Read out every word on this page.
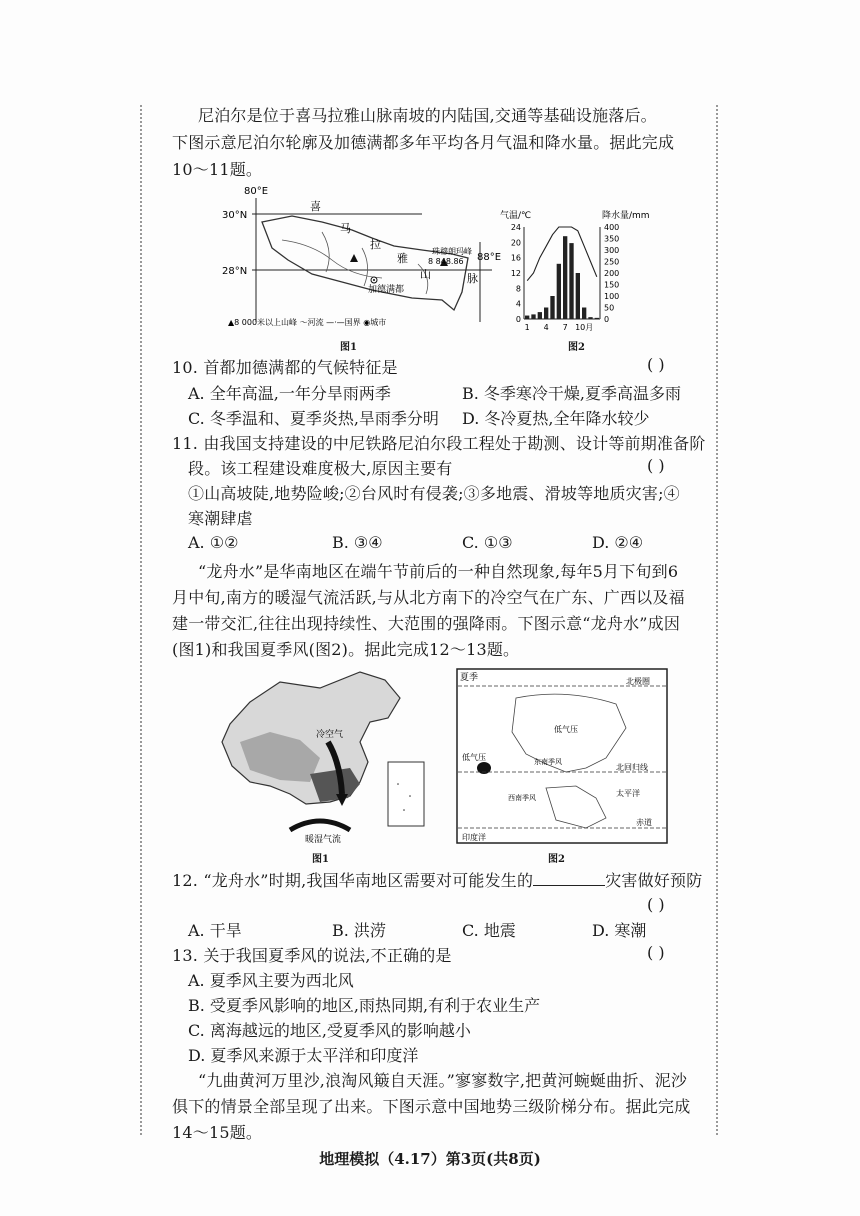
尼泊尔是位于喜马拉雅山脉南坡的内陆国,交通等基础设施落后。
下图示意尼泊尔轮廓及加德满都多年平均各月气温和降水量。据此完成
10～11题。
80°E
30°N
28°N
88°E
喜
马
拉
雅
山	脉
珠穆朗玛峰
8 848.86
加德满都
▲8 000米以上山峰 〜河流 —·—国界 ◉城市
图1
气温/℃	降水量/mm
24
20
16
12
8
4
0
400
350
300
250
200
150
100
50
0
1 4 7 10月
图2
10. 首都加德满都的气候特征是	( )
A. 全年高温,一年分旱雨两季	B. 冬季寒冷干燥,夏季高温多雨
C. 冬季温和、夏季炎热,旱雨季分明 D. 冬冷夏热,全年降水较少
11. 由我国支持建设的中尼铁路尼泊尔段工程处于勘测、设计等前期准备阶
段。该工程建设难度极大,原因主要有	( )
①山高坡陡,地势险峻;②台风时有侵袭;③多地震、滑坡等地质灾害;④
寒潮肆虐
A. ①②	B. ③④	C. ①③	D. ②④
“龙舟水”是华南地区在端午节前后的一种自然现象,每年5月下旬到6
月中旬,南方的暖湿气流活跃,与从北方南下的冷空气在广东、广西以及福
建一带交汇,往往出现持续性、大范围的强降雨。下图示意“龙舟水”成因
(图1)和我国夏季风(图2)。据此完成12～13题。
冷空气
暖湿气流
图1
夏季	北极圈
低气压
低气压	东南季风
西南季风
北回归线
太平洋
赤道
印度洋
图2
12. “龙舟水”时期,我国华南地区需要对可能发生的	灾害做好预防
( )
A. 干旱	B. 洪涝	C. 地震	D. 寒潮
13. 关于我国夏季风的说法,不正确的是	( )
A. 夏季风主要为西北风
B. 受夏季风影响的地区,雨热同期,有利于农业生产
C. 离海越远的地区,受夏季风的影响越小
D. 夏季风来源于太平洋和印度洋
“九曲黄河万里沙,浪淘风簸自天涯。”寥寥数字,把黄河蜿蜒曲折、泥沙
俱下的情景全部呈现了出来。下图示意中国地势三级阶梯分布。据此完成
14～15题。
地理模拟（4.17）第3页(共8页)
